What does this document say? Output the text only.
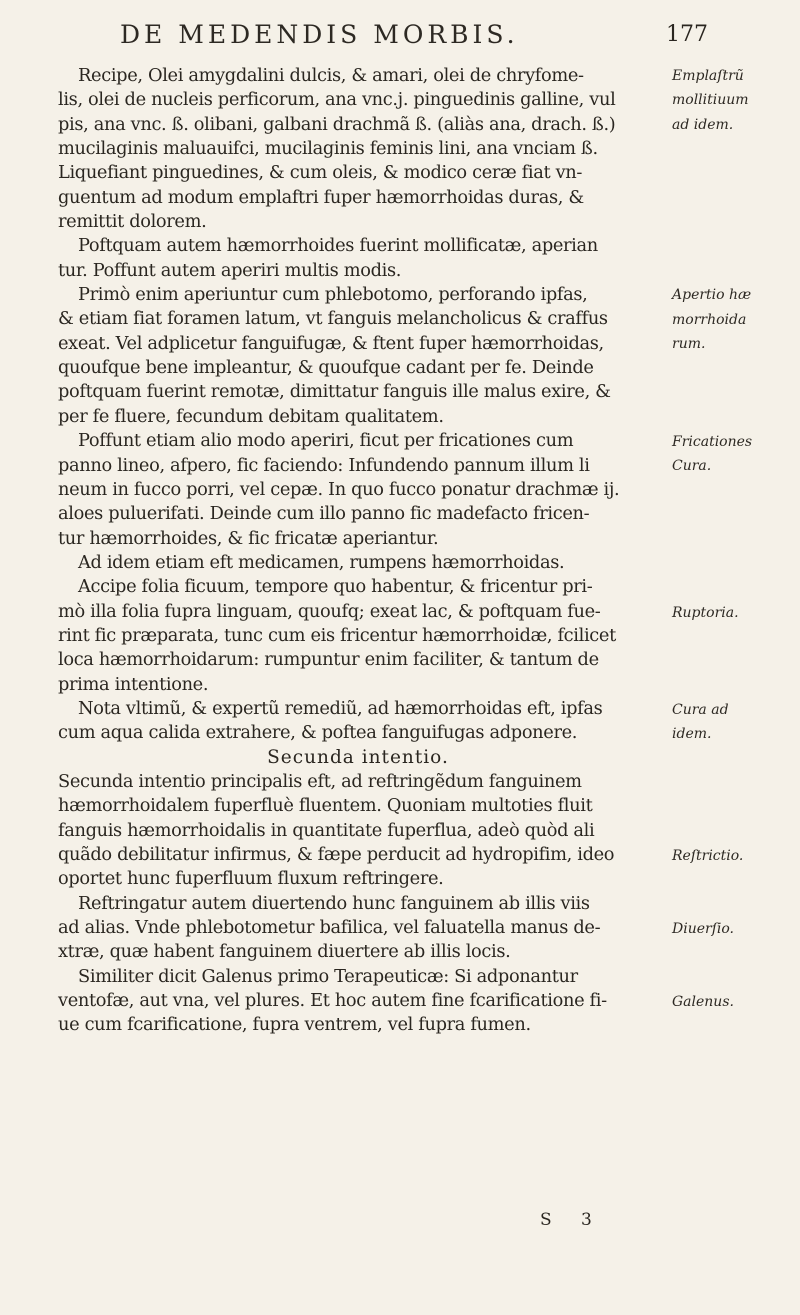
DE MEDENDIS MORBIS.	177
Recipe, Olei amygdalini dulcis, & amari, olei de chryfome-
lis, olei de nucleis perficorum, ana vnc.j. pinguedinis galline, vul
pis, ana vnc. ß. olibani, galbani drachmã ß. (aliàs ana, drach. ß.)
mucilaginis maluauifci, mucilaginis feminis lini, ana vnciam ß.
Liquefiant pinguedines, & cum oleis, & modico ceræ fiat vn-
guentum ad modum emplaftri fuper hæmorrhoidas duras, &
remittit dolorem.
Poftquam autem hæmorrhoides fuerint mollificatæ, aperian
tur. Poffunt autem aperiri multis modis.
Primò enim aperiuntur cum phlebotomo, perforando ipfas,
& etiam fiat foramen latum, vt fanguis melancholicus & craffus
exeat. Vel adplicetur fanguifugæ, & ftent fuper hæmorrhoidas,
quoufque bene impleantur, & quoufque cadant per fe. Deinde
poftquam fuerint remotæ, dimittatur fanguis ille malus exire, &
per fe fluere, fecundum debitam qualitatem.
Poffunt etiam alio modo aperiri, ficut per fricationes cum
panno lineo, afpero, fic faciendo: Infundendo pannum illum li
neum in fucco porri, vel cepæ. In quo fucco ponatur drachmæ ij.
aloes puluerifati. Deinde cum illo panno fic madefacto fricen-
tur hæmorrhoides, & fic fricatæ aperiantur.
Ad idem etiam eft medicamen, rumpens hæmorrhoidas.
Accipe folia ficuum, tempore quo habentur, & fricentur pri-
mò illa folia fupra linguam, quoufq; exeat lac, & poftquam fue-
rint fic præparata, tunc cum eis fricentur hæmorrhoidæ, fcilicet
loca hæmorrhoidarum: rumpuntur enim faciliter, & tantum de
prima intentione.
Nota vltimũ, & expertũ remediũ, ad hæmorrhoidas eft, ipfas
cum aqua calida extrahere, & poftea fanguifugas adponere.
Secunda intentio.
Secunda intentio principalis eft, ad reftringẽdum fanguinem
hæmorrhoidalem fuperfluè fluentem. Quoniam multoties fluit
fanguis hæmorrhoidalis in quantitate fuperflua, adeò quòd ali
quãdo debilitatur infirmus, & fæpe perducit ad hydropifim, ideo
oportet hunc fuperfluum fluxum reftringere.
Reftringatur autem diuertendo hunc fanguinem ab illis viis
ad alias. Vnde phlebotometur bafilica, vel faluatella manus de-
xtræ, quæ habent fanguinem diuertere ab illis locis.
Similiter dicit Galenus primo Terapeuticæ: Si adponantur
ventofæ, aut vna, vel plures. Et hoc autem fine fcarificatione fi-
ue cum fcarificatione, fupra ventrem, vel fupra fumen.
Emplaſtrũ
mollitiuum
ad idem.
Apertio hæ
morrhoida
rum.
Fricationes
Cura.
Ruptoria.
Cura ad
idem.
Reſtrictio.
Diuerſio.
Galenus.
S 3
